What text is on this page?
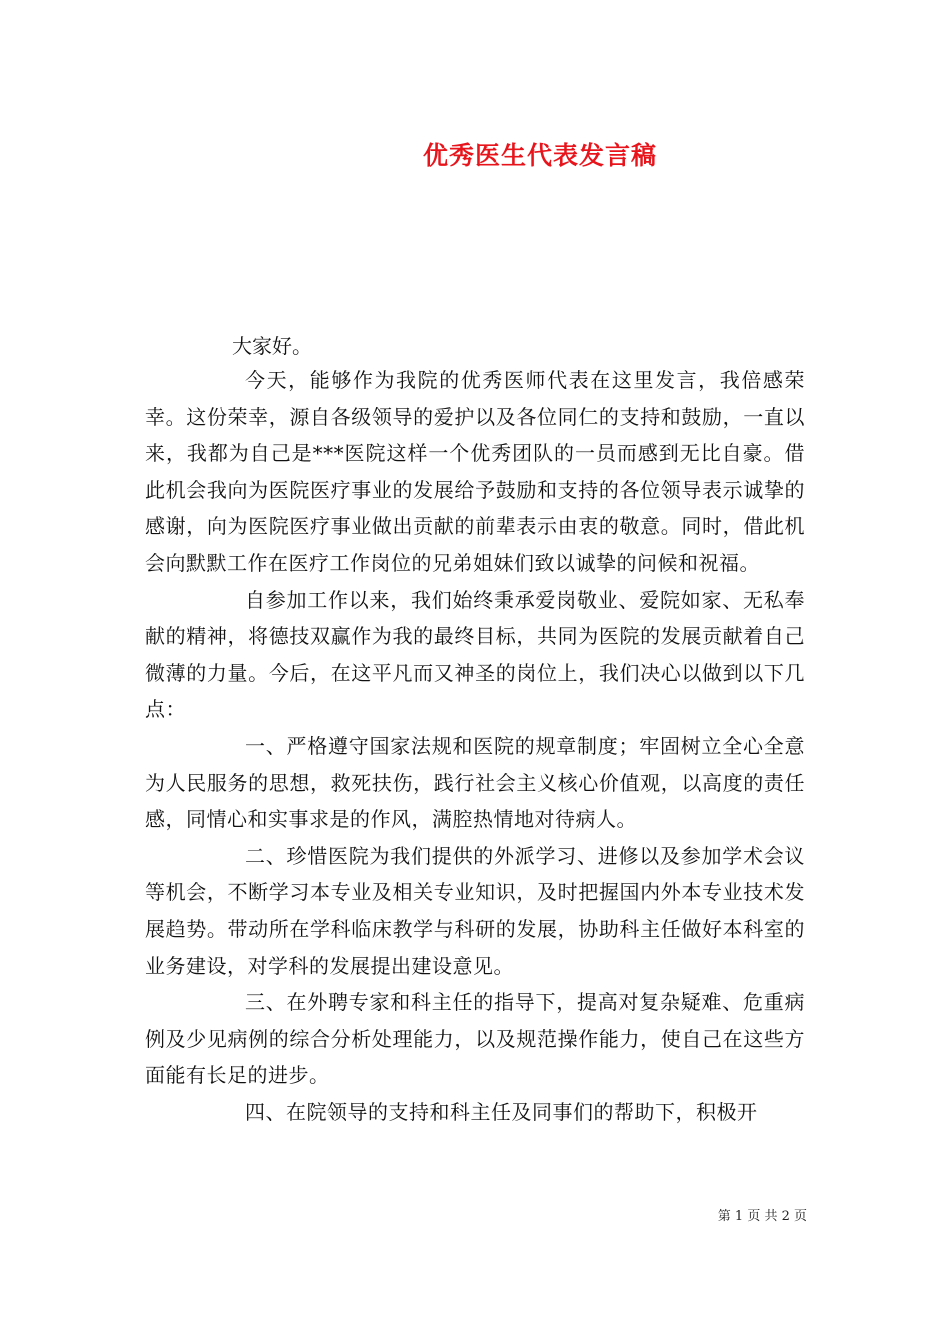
优秀医生代表发言稿
大家好。

今天，能够作为我院的优秀医师代表在这里发言，我倍感荣幸。这份荣幸，源自各级领导的爱护以及各位同仁的支持和鼓励，一直以来，我都为自己是***医院这样一个优秀团队的一员而感到无比自豪。借此机会我向为医院医疗事业的发展给予鼓励和支持的各位领导表示诚挚的感谢，向为医院医疗事业做出贡献的前辈表示由衷的敬意。同时，借此机会向默默工作在医疗工作岗位的兄弟姐妹们致以诚挚的问候和祝福。

自参加工作以来，我们始终秉承爱岗敬业、爱院如家、无私奉献的精神，将德技双赢作为我的最终目标，共同为医院的发展贡献着自己微薄的力量。今后，在这平凡而又神圣的岗位上，我们决心以做到以下几点：

一、严格遵守国家法规和医院的规章制度；牢固树立全心全意为人民服务的思想，救死扶伤，践行社会主义核心价值观，以高度的责任感，同情心和实事求是的作风，满腔热情地对待病人。

二、珍惜医院为我们提供的外派学习、进修以及参加学术会议等机会，不断学习本专业及相关专业知识，及时把握国内外本专业技术发展趋势。带动所在学科临床教学与科研的发展，协助科主任做好本科室的业务建设，对学科的发展提出建设意见。

三、在外聘专家和科主任的指导下，提高对复杂疑难、危重病例及少见病例的综合分析处理能力，以及规范操作能力，使自己在这些方面能有长足的进步。

四、在院领导的支持和科主任及同事们的帮助下，积极开

第 1 页 共 2 页
